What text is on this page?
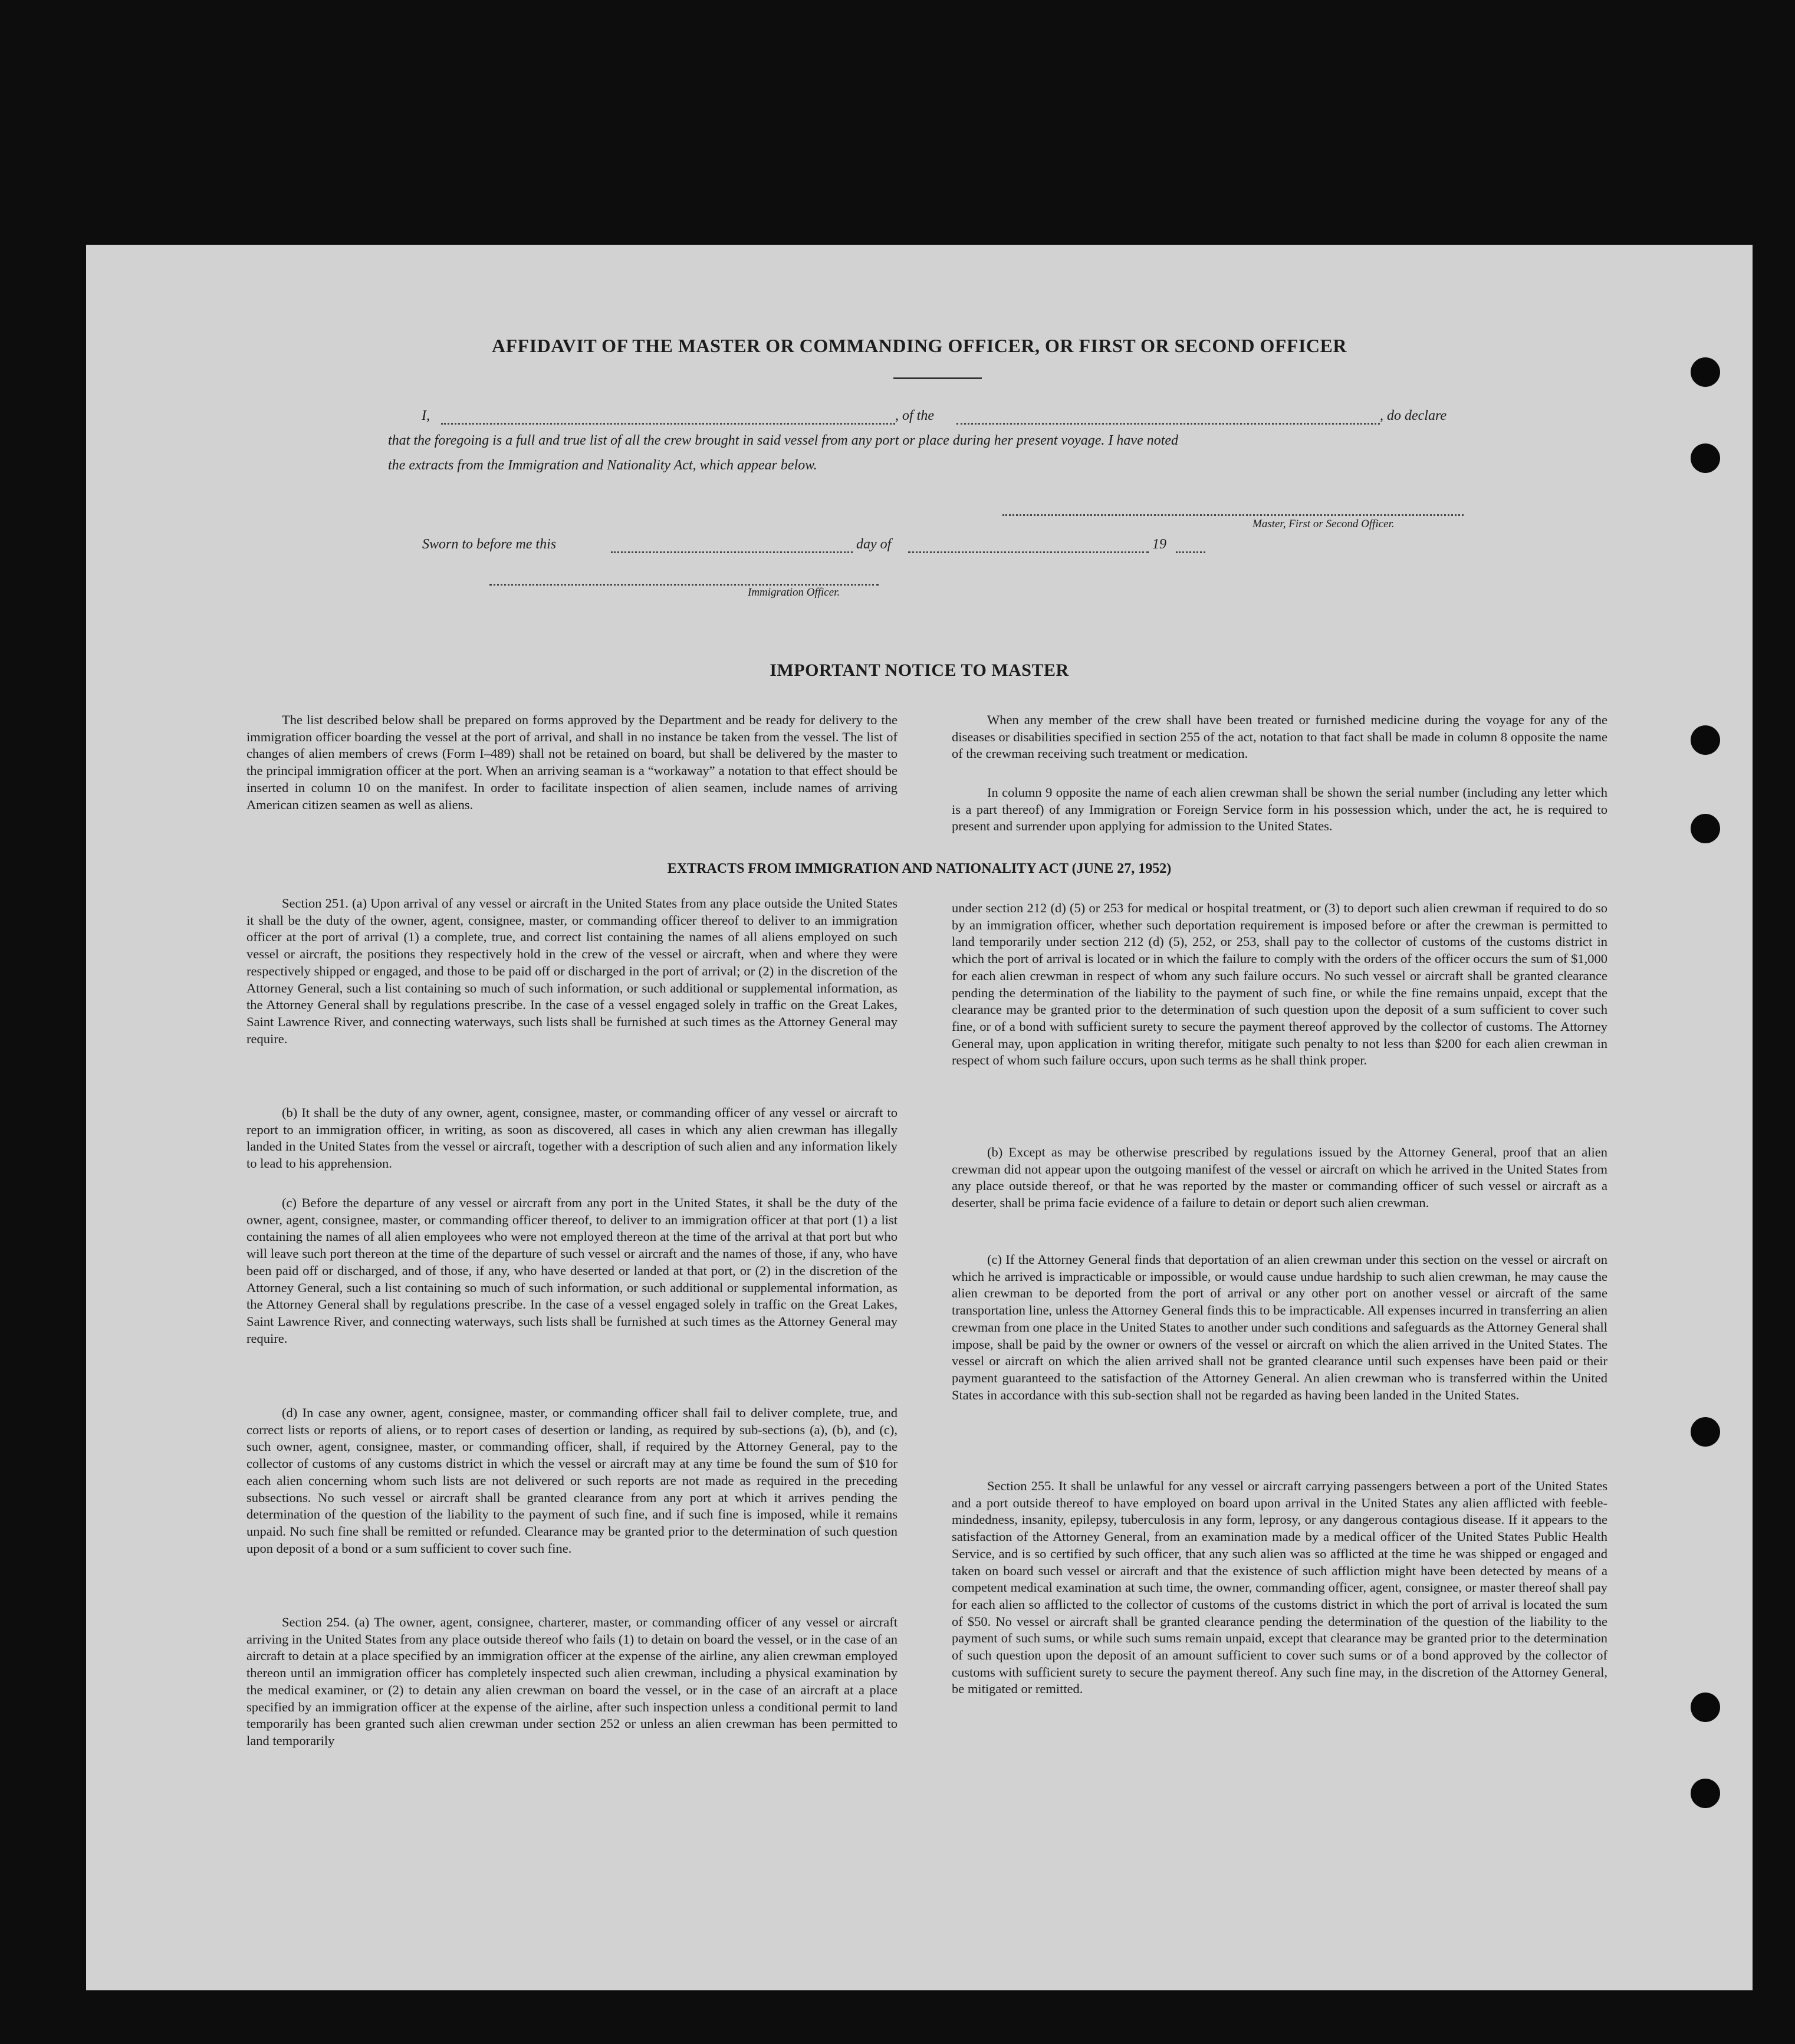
AFFIDAVIT OF THE MASTER OR COMMANDING OFFICER, OR FIRST OR SECOND OFFICER
I,	, of the	, do declare
that the foregoing is a full and true list of all the crew brought in said vessel from any port or place during her present voyage. I have noted
the extracts from the Immigration and Nationality Act, which appear below.
Master, First or Second Officer.
Sworn to before me this	day of	19
Immigration Officer.
IMPORTANT NOTICE TO MASTER

The list described below shall be prepared on forms approved by the Department and be ready for delivery to the immigration officer boarding the vessel at the port of arrival, and shall in no instance be taken from the vessel. The list of changes of alien members of crews (Form I–489) shall not be retained on board, but shall be delivered by the master to the principal immigration officer at the port. When an arriving seaman is a “workaway” a notation to that effect should be inserted in column 10 on the manifest. In order to facilitate inspection of alien seamen, include names of arriving American citizen seamen as well as aliens.

When any member of the crew shall have been treated or furnished medicine during the voyage for any of the diseases or disabilities specified in section 255 of the act, notation to that fact shall be made in column 8 opposite the name of the crewman receiving such treatment or medication.

In column 9 opposite the name of each alien crewman shall be shown the serial number (including any letter which is a part thereof) of any Immigration or Foreign Service form in his possession which, under the act, he is required to present and surrender upon applying for admission to the United States.

EXTRACTS FROM IMMIGRATION AND NATIONALITY ACT (JUNE 27, 1952)

Section 251. (a) Upon arrival of any vessel or aircraft in the United States from any place outside the United States it shall be the duty of the owner, agent, consignee, master, or commanding officer thereof to deliver to an immigration officer at the port of arrival (1) a complete, true, and correct list containing the names of all aliens employed on such vessel or aircraft, the positions they respectively hold in the crew of the vessel or aircraft, when and where they were respectively shipped or engaged, and those to be paid off or discharged in the port of arrival; or (2) in the discretion of the Attorney General, such a list containing so much of such information, or such additional or supplemental information, as the Attorney General shall by regulations prescribe. In the case of a vessel engaged solely in traffic on the Great Lakes, Saint Lawrence River, and connecting waterways, such lists shall be furnished at such times as the Attorney General may require.

(b) It shall be the duty of any owner, agent, consignee, master, or commanding officer of any vessel or aircraft to report to an immigration officer, in writing, as soon as discovered, all cases in which any alien crewman has illegally landed in the United States from the vessel or aircraft, together with a description of such alien and any information likely to lead to his apprehension.

(c) Before the departure of any vessel or aircraft from any port in the United States, it shall be the duty of the owner, agent, consignee, master, or commanding officer thereof, to deliver to an immigration officer at that port (1) a list containing the names of all alien employees who were not employed thereon at the time of the arrival at that port but who will leave such port thereon at the time of the departure of such vessel or aircraft and the names of those, if any, who have been paid off or discharged, and of those, if any, who have deserted or landed at that port, or (2) in the discretion of the Attorney General, such a list containing so much of such information, or such additional or supplemental information, as the Attorney General shall by regulations prescribe. In the case of a vessel engaged solely in traffic on the Great Lakes, Saint Lawrence River, and connecting waterways, such lists shall be furnished at such times as the Attorney General may require.

(d) In case any owner, agent, consignee, master, or commanding officer shall fail to deliver complete, true, and correct lists or reports of aliens, or to report cases of desertion or landing, as required by sub-sections (a), (b), and (c), such owner, agent, consignee, master, or commanding officer, shall, if required by the Attorney General, pay to the collector of customs of any customs district in which the vessel or aircraft may at any time be found the sum of $10 for each alien concerning whom such lists are not delivered or such reports are not made as required in the preceding subsections. No such vessel or aircraft shall be granted clearance from any port at which it arrives pending the determination of the question of the liability to the payment of such fine, and if such fine is imposed, while it remains unpaid. No such fine shall be remitted or refunded. Clearance may be granted prior to the determination of such question upon deposit of a bond or a sum sufficient to cover such fine.

Section 254. (a) The owner, agent, consignee, charterer, master, or commanding officer of any vessel or aircraft arriving in the United States from any place outside thereof who fails (1) to detain on board the vessel, or in the case of an aircraft to detain at a place specified by an immigration officer at the expense of the airline, any alien crewman employed thereon until an immigration officer has completely inspected such alien crewman, including a physical examination by the medical examiner, or (2) to detain any alien crewman on board the vessel, or in the case of an aircraft at a place specified by an immigration officer at the expense of the airline, after such inspection unless a conditional permit to land temporarily has been granted such alien crewman under section 252 or unless an alien crewman has been permitted to land temporarily

under section 212 (d) (5) or 253 for medical or hospital treatment, or (3) to deport such alien crewman if required to do so by an immigration officer, whether such deportation requirement is imposed before or after the crewman is permitted to land temporarily under section 212 (d) (5), 252, or 253, shall pay to the collector of customs of the customs district in which the port of arrival is located or in which the failure to comply with the orders of the officer occurs the sum of $1,000 for each alien crewman in respect of whom any such failure occurs. No such vessel or aircraft shall be granted clearance pending the determination of the liability to the payment of such fine, or while the fine remains unpaid, except that the clearance may be granted prior to the determination of such question upon the deposit of a sum sufficient to cover such fine, or of a bond with sufficient surety to secure the payment thereof approved by the collector of customs. The Attorney General may, upon application in writing therefor, mitigate such penalty to not less than $200 for each alien crewman in respect of whom such failure occurs, upon such terms as he shall think proper.

(b) Except as may be otherwise prescribed by regulations issued by the Attorney General, proof that an alien crewman did not appear upon the outgoing manifest of the vessel or aircraft on which he arrived in the United States from any place outside thereof, or that he was reported by the master or commanding officer of such vessel or aircraft as a deserter, shall be prima facie evidence of a failure to detain or deport such alien crewman.

(c) If the Attorney General finds that deportation of an alien crewman under this section on the vessel or aircraft on which he arrived is impracticable or impossible, or would cause undue hardship to such alien crewman, he may cause the alien crewman to be deported from the port of arrival or any other port on another vessel or aircraft of the same transportation line, unless the Attorney General finds this to be impracticable. All expenses incurred in transferring an alien crewman from one place in the United States to another under such conditions and safeguards as the Attorney General shall impose, shall be paid by the owner or owners of the vessel or aircraft on which the alien arrived in the United States. The vessel or aircraft on which the alien arrived shall not be granted clearance until such expenses have been paid or their payment guaranteed to the satisfaction of the Attorney General. An alien crewman who is transferred within the United States in accordance with this sub-section shall not be regarded as having been landed in the United States.

Section 255. It shall be unlawful for any vessel or aircraft carrying passengers between a port of the United States and a port outside thereof to have employed on board upon arrival in the United States any alien afflicted with feeble-mindedness, insanity, epilepsy, tuberculosis in any form, leprosy, or any dangerous contagious disease. If it appears to the satisfaction of the Attorney General, from an examination made by a medical officer of the United States Public Health Service, and is so certified by such officer, that any such alien was so afflicted at the time he was shipped or engaged and taken on board such vessel or aircraft and that the existence of such affliction might have been detected by means of a competent medical examination at such time, the owner, commanding officer, agent, consignee, or master thereof shall pay for each alien so afflicted to the collector of customs of the customs district in which the port of arrival is located the sum of $50. No vessel or aircraft shall be granted clearance pending the determination of the question of the liability to the payment of such sums, or while such sums remain unpaid, except that clearance may be granted prior to the determination of such question upon the deposit of an amount sufficient to cover such sums or of a bond approved by the collector of customs with sufficient surety to secure the payment thereof. Any such fine may, in the discretion of the Attorney General, be mitigated or remitted.
